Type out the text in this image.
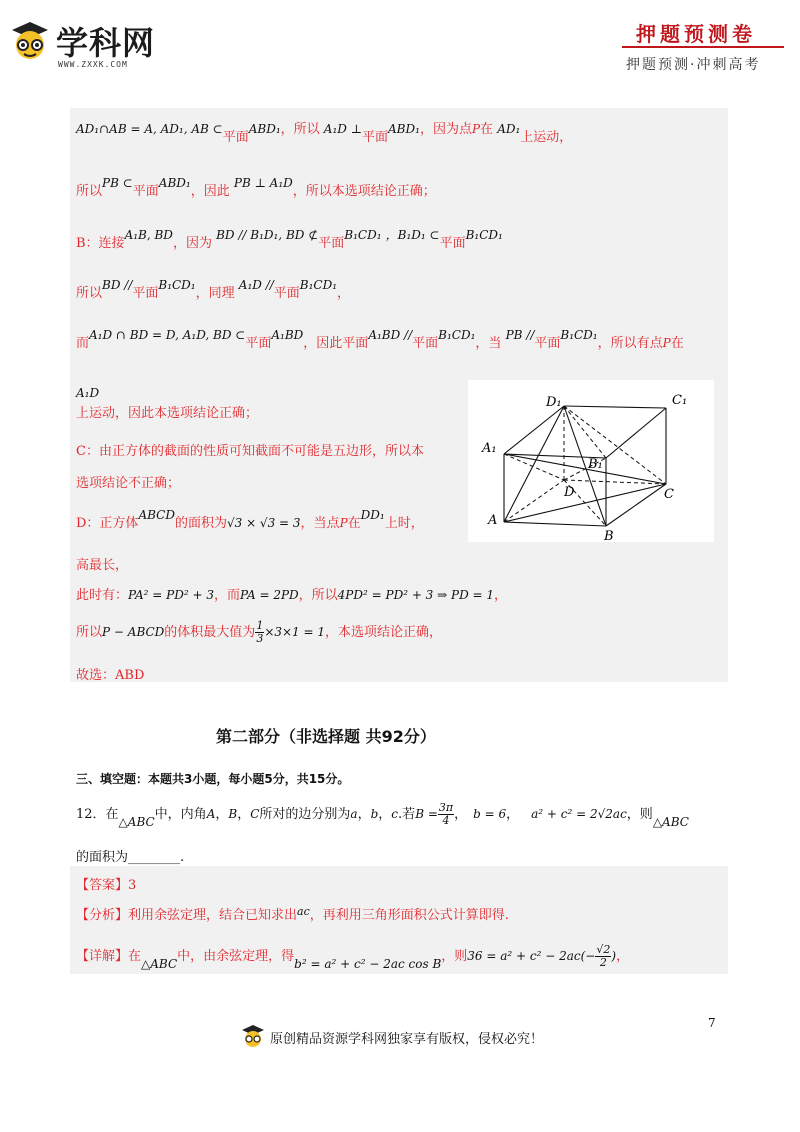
学科网
WWW.ZXXK.COM
押题预测卷
押题预测·冲刺高考
AD₁∩AB = A, AD₁, AB ⊂平面ABD₁，所以 A₁D ⊥平面ABD₁，因为点P在 AD₁上运动，
所以PB ⊂平面ABD₁，因此 PB ⊥ A₁D，所以本选项结论正确；
B：连接A₁B, BD，因为 BD // B₁D₁, BD ⊄平面B₁CD₁ ，B₁D₁ ⊂平面B₁CD₁
所以BD //平面B₁CD₁，同理 A₁D //平面B₁CD₁，
而A₁D ∩ BD = D, A₁D, BD ⊂平面A₁BD，因此平面A₁BD //平面B₁CD₁，当 PB //平面B₁CD₁，所以有点P在
A₁D
上运动，因此本选项结论正确；
C：由正方体的截面的性质可知截面不可能是五边形，所以本
选项结论不正确；
D：正方体ABCD的面积为√3 × √3 = 3，当点P在DD₁上时，
高最长，
此时有：PA² = PD² + 3，而PA = 2PD，所以4PD² = PD² + 3 ⇒ PD = 1，
所以P − ABCD的体积最大值为 $\frac{1}{3} \times 3\times 1 = 1$，本选项结论正确，
故选：ABD
D₁	C₁
A₁
B₁
D	C
A
B
第二部分（非选择题 共92分）
三、填空题：本题共3小题，每小题5分，共15分。
12．在△ABC中，内角A，B，C所对的边分别为a，b，c.若$B = \frac{3\pi}{4}$ ， b = 6， a² + c² = 2√2ac，则△ABC
的面积为________.
【答案】3
【分析】利用余弦定理，结合已知求出$^{ac}$，再利用三角形面积公式计算即得.
【详解】在△ABC中，由余弦定理，得b² = a² + c² − 2ac cos B，则$36 = a^2 + c^2 - 2ac(- \frac{√2}{2}$ )，
7
原创精品资源学科网独家享有版权，侵权必究！
